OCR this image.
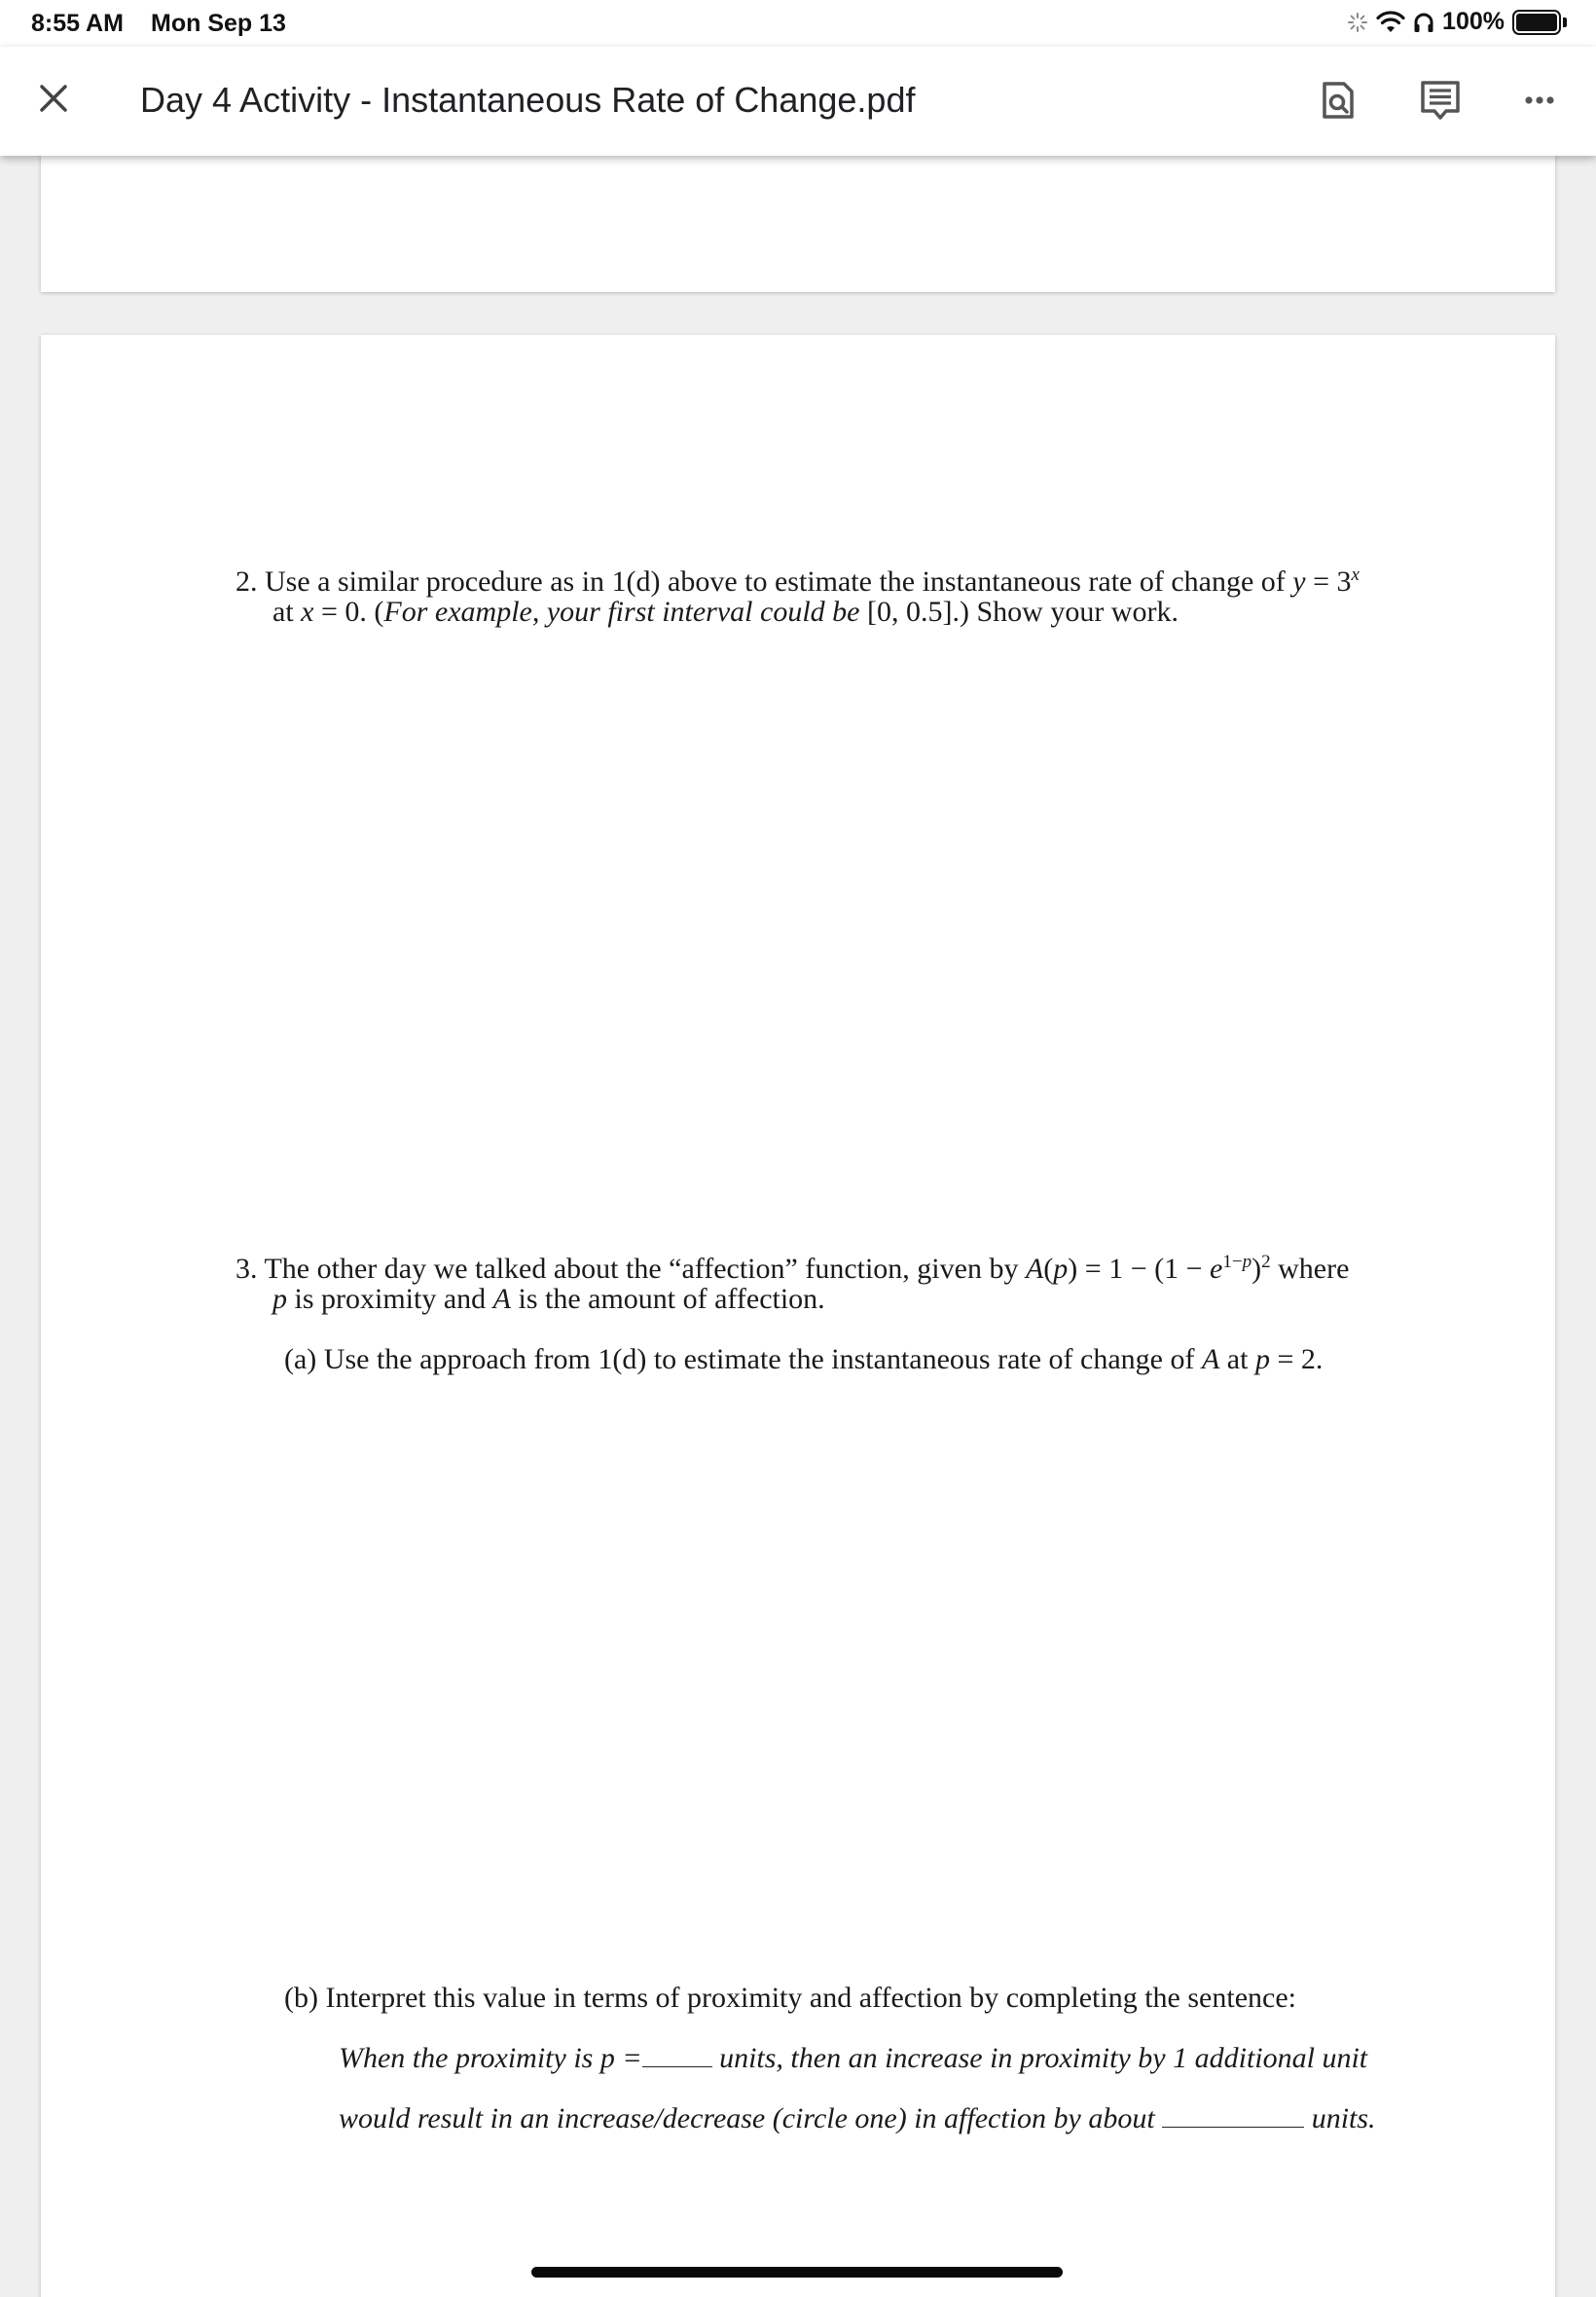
8:55 AM Mon Sep 13	100%
Day 4 Activity - Instantaneous Rate of Change.pdf
2. Use a similar procedure as in 1(d) above to estimate the instantaneous rate of change of $y = 3^x$
at x = 0. (For example, your first interval could be [0, 0.5].) Show your work.
3. The other day we talked about the “affection” function, given by $A(p) = 1 - (1 - e^{1-p})^2$ where
p is proximity and A is the amount of affection.
(a) Use the approach from 1(d) to estimate the instantaneous rate of change of A at p = 2.
(b) Interpret this value in terms of proximity and affection by completing the sentence:
When the proximity is p =	units, then an increase in proximity by 1 additional unit
would result in an increase/decrease (circle one) in affection by about	units.
